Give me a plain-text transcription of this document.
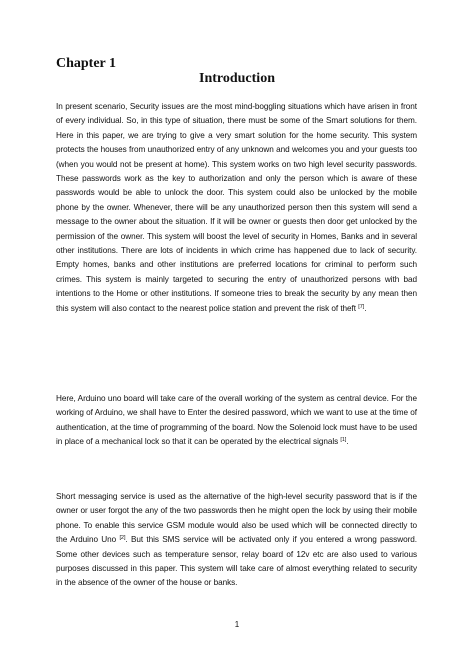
Chapter 1
Introduction

In present scenario, Security issues are the most mind-boggling situations which have arisen in front of every individual. So, in this type of situation, there must be some of the Smart solutions for them. Here in this paper, we are trying to give a very smart solution for the home security. This system protects the houses from unauthorized entry of any unknown and welcomes you and your guests too (when you would not be present at home). This system works on two high level security passwords. These passwords work as the key to authorization and only the person which is aware of these passwords would be able to unlock the door. This system could also be unlocked by the mobile phone by the owner. Whenever, there will be any unauthorized person then this system will send a message to the owner about the situation. If it will be owner or guests then door get unlocked by the permission of the owner. This system will boost the level of security in Homes, Banks and in several other institutions. There are lots of incidents in which crime has happened due to lack of security. Empty homes, banks and other institutions are preferred locations for criminal to perform such crimes. This system is mainly targeted to securing the entry of unauthorized persons with bad intentions to the Home or other institutions. If someone tries to break the security by any mean then this system will also contact to the nearest police station and prevent the risk of theft [7].

Here, Arduino uno board will take care of the overall working of the system as central device. For the working of Arduino, we shall have to Enter the desired password, which we want to use at the time of authentication, at the time of programming of the board. Now the Solenoid lock must have to be used in place of a mechanical lock so that it can be operated by the electrical signals [1].

Short messaging service is used as the alternative of the high-level security password that is if the owner or user forgot the any of the two passwords then he might open the lock by using their mobile phone. To enable this service GSM module would also be used which will be connected directly to the Arduino Uno [2]. But this SMS service will be activated only if you entered a wrong password. Some other devices such as temperature sensor, relay board of 12v etc are also used to various purposes discussed in this paper. This system will take care of almost everything related to security in the absence of the owner of the house or banks.

1
